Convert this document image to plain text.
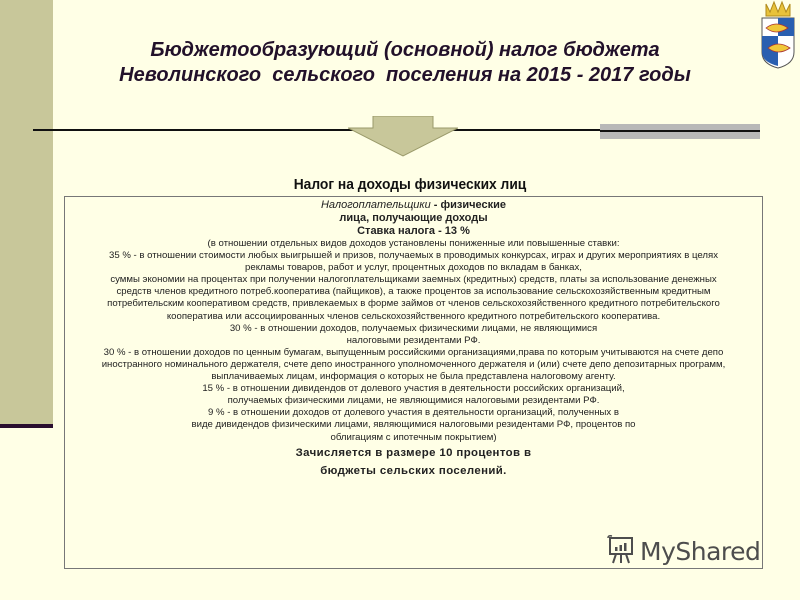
Бюджетообразующий (основной) налог бюджета
Неволинского  сельского  поселения на 2015 - 2017 годы
Налог на доходы физических лиц
Налогоплательщики - физические
лица, получающие доходы
Ставка налога - 13 %
(в отношении отдельных видов доходов установлены пониженные или повышенные ставки:
35 % - в отношении стоимости любых выигрышей и призов, получаемых в проводимых конкурсах, играх и других мероприятиях в целях
рекламы товаров, работ и услуг, процентных доходов по вкладам в банках,
суммы экономии на процентах при получении налогоплательщиками заемных (кредитных) средств, платы за использование денежных
средств членов кредитного потреб.кооператива (пайщиков), а также процентов за использование сельскохозяйственным кредитным
потребительским кооперативом средств, привлекаемых в форме займов от членов сельскохозяйственного кредитного потребительского
кооператива или ассоциированных членов сельскохозяйственного кредитного потребительского кооператива.
30 % - в отношении доходов, получаемых физическими лицами, не являющимися
налоговыми резидентами РФ.
30 % - в отношении доходов по ценным бумагам, выпущенным российскими организациями,права по которым учитываются на счете депо
иностранного номинального держателя, счете депо иностранного уполномоченного держателя и (или) счете депо депозитарных программ,
выплачиваемых лицам, информация о которых не была представлена налоговому агенту.
15 % - в отношении дивидендов от долевого участия в деятельности российских организаций,
получаемых физическими лицами, не являющимися налоговыми резидентами РФ.
9 % - в отношении доходов от долевого участия в деятельности организаций, полученных в
виде дивидендов физическими лицами, являющимися налоговыми резидентами РФ, процентов по
облигациям с ипотечным покрытием)
Зачисляется в размере 10 процентов в
бюджеты сельских поселений.
MyShared
